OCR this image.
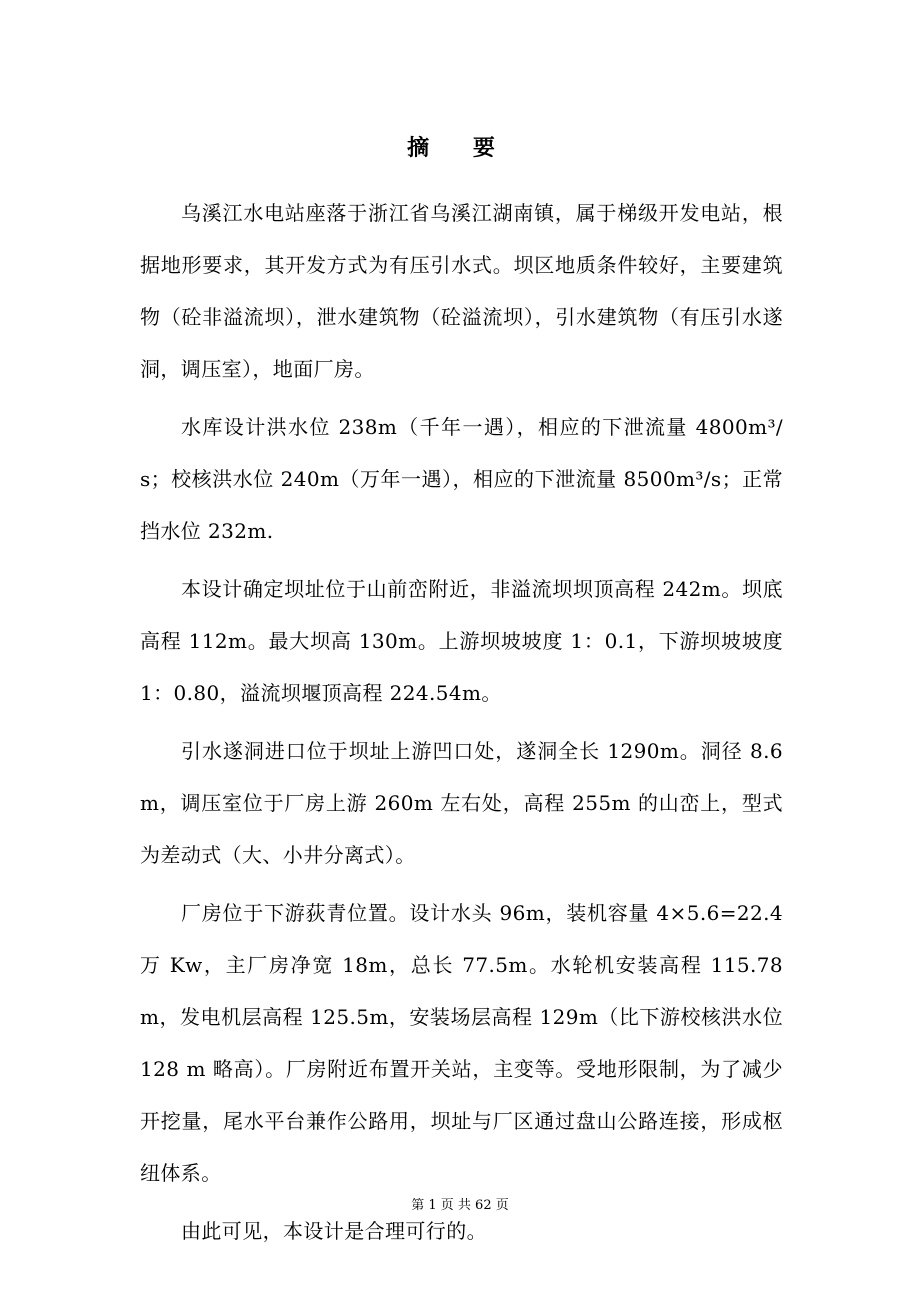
摘 要

乌溪江水电站座落于浙江省乌溪江湖南镇，属于梯级开发电站，根据地形要求，其开发方式为有压引水式。坝区地质条件较好，主要建筑物（砼非溢流坝），泄水建筑物（砼溢流坝），引水建筑物（有压引水遂洞，调压室），地面厂房。

水库设计洪水位 238m（千年一遇），相应的下泄流量 4800m³/s；校核洪水位 240m（万年一遇），相应的下泄流量 8500m³/s；正常挡水位 232m.

本设计确定坝址位于山前峦附近，非溢流坝坝顶高程 242m。坝底高程 112m。最大坝高 130m。上游坝坡坡度 1：0.1，下游坝坡坡度 1：0.80，溢流坝堰顶高程 224.54m。

引水遂洞进口位于坝址上游凹口处，遂洞全长 1290m。洞径 8.6m，调压室位于厂房上游 260m 左右处，高程 255m 的山峦上，型式为差动式（大、小井分离式）。

厂房位于下游荻青位置。设计水头 96m，装机容量 4×5.6=22.4 万 Kw，主厂房净宽 18m，总长 77.5m。水轮机安装高程 115.78m，发电机层高程 125.5m，安装场层高程 129m（比下游校核洪水位 128 m 略高）。厂房附近布置开关站，主变等。受地形限制，为了减少开挖量，尾水平台兼作公路用，坝址与厂区通过盘山公路连接，形成枢纽体系。

由此可见，本设计是合理可行的。

第 1 页 共 62 页
